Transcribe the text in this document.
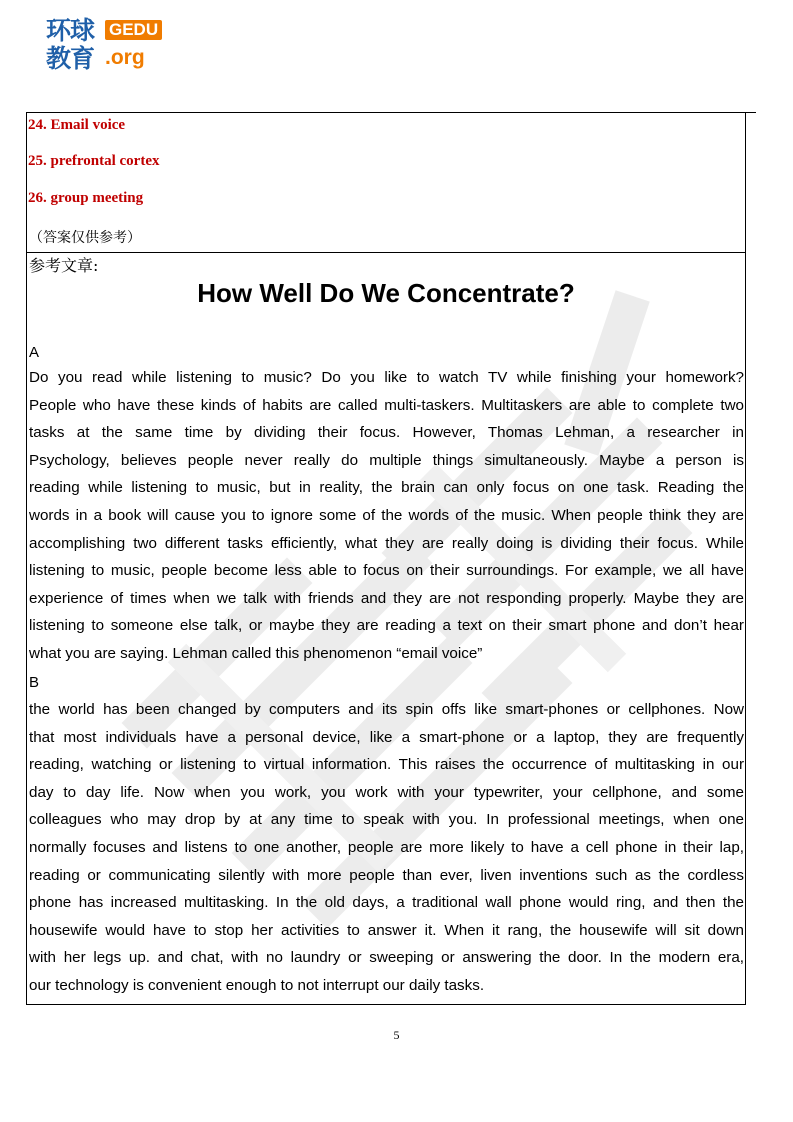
环球
教育
GEDU
.org
24. Email voice
25. prefrontal cortex
26. group meeting
（答案仅供参考）
参考文章:
How Well Do We Concentrate?
A
Do you read while listening to music? Do you like to watch TV while finishing your homework?
People who have these kinds of habits are called multi-taskers. Multitaskers are able to complete two
tasks at the same time by dividing their focus. However, Thomas Lehman, a researcher in
Psychology, believes people never really do multiple things simultaneously. Maybe a person is
reading while listening to music, but in reality, the brain can only focus on one task. Reading the
words in a book will cause you to ignore some of the words of the music. When people think they are
accomplishing two different tasks efficiently, what they are really doing is dividing their focus. While
listening to music, people become less able to focus on their surroundings. For example, we all have
experience of times when we talk with friends and they are not responding properly. Maybe they are
listening to someone else talk, or maybe they are reading a text on their smart phone and don’t hear
what you are saying. Lehman called this phenomenon “email voice”
B
the world has been changed by computers and its spin offs like smart-phones or cellphones. Now
that most individuals have a personal device, like a smart-phone or a laptop, they are frequently
reading, watching or listening to virtual information. This raises the occurrence of multitasking in our
day to day life. Now when you work, you work with your typewriter, your cellphone, and some
colleagues who may drop by at any time to speak with you. In professional meetings, when one
normally focuses and listens to one another, people are more likely to have a cell phone in their lap,
reading or communicating silently with more people than ever, liven inventions such as the cordless
phone has increased multitasking. In the old days, a traditional wall phone would ring, and then the
housewife would have to stop her activities to answer it. When it rang, the housewife will sit down
with her legs up. and chat, with no laundry or sweeping or answering the door. In the modern era,
our technology is convenient enough to not interrupt our daily tasks.
5
